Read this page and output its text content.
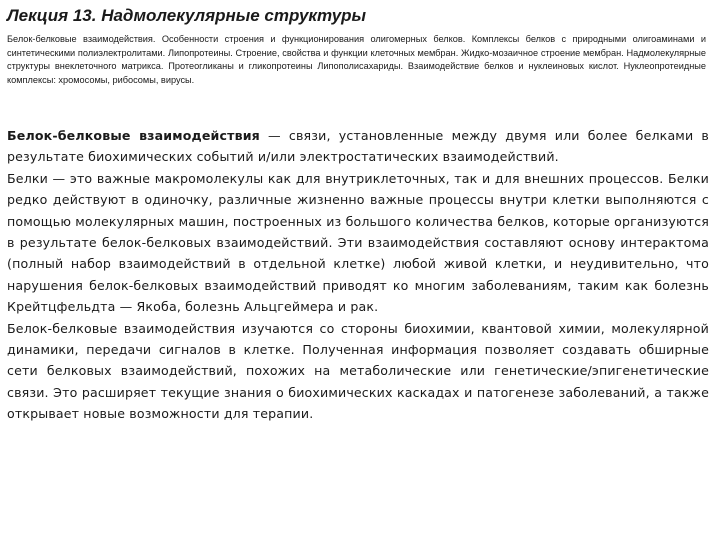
Лекция 13. Надмолекулярные структуры

Белок-белковые взаимодействия. Особенности строения и функционирования олигомерных белков. Комплексы белков с природными олигоаминами и синтетическими полиэлектролитами. Липопротеины. Строение, свойства и функции клеточных мембран. Жидко-мозаичное строение мембран. Надмолекулярные структуры внеклеточного матрикса. Протеогликаны и гликопротеины Липополисахариды. Взаимодействие белков и нуклеиновых кислот. Нуклеопротеидные комплексы: хромосомы, рибосомы, вирусы.

Белок-белковые взаимодействия — связи, установленные между двумя или более белками в результате биохимических событий и/или электростатических взаимодействий.

Белки — это важные макромолекулы как для внутриклеточных, так и для внешних процессов. Белки редко действуют в одиночку, различные жизненно важные процессы внутри клетки выполняются с помощью молекулярных машин, построенных из большого количества белков, которые организуются в результате белок-белковых взаимодействий. Эти взаимодействия составляют основу интерактома (полный набор взаимодействий в отдельной клетке) любой живой клетки, и неудивительно, что нарушения белок-белковых взаимодействий приводят ко многим заболеваниям, таким как болезнь Крейтцфельдта — Якоба, болезнь Альцгеймера и рак.

Белок-белковые взаимодействия изучаются со стороны биохимии, квантовой химии, молекулярной динамики, передачи сигналов в клетке. Полученная информация позволяет создавать обширные сети белковых взаимодействий, похожих на метаболические или генетические/эпигенетические связи. Это расширяет текущие знания о биохимических каскадах и патогенезе заболеваний, а также открывает новые возможности для терапии.
